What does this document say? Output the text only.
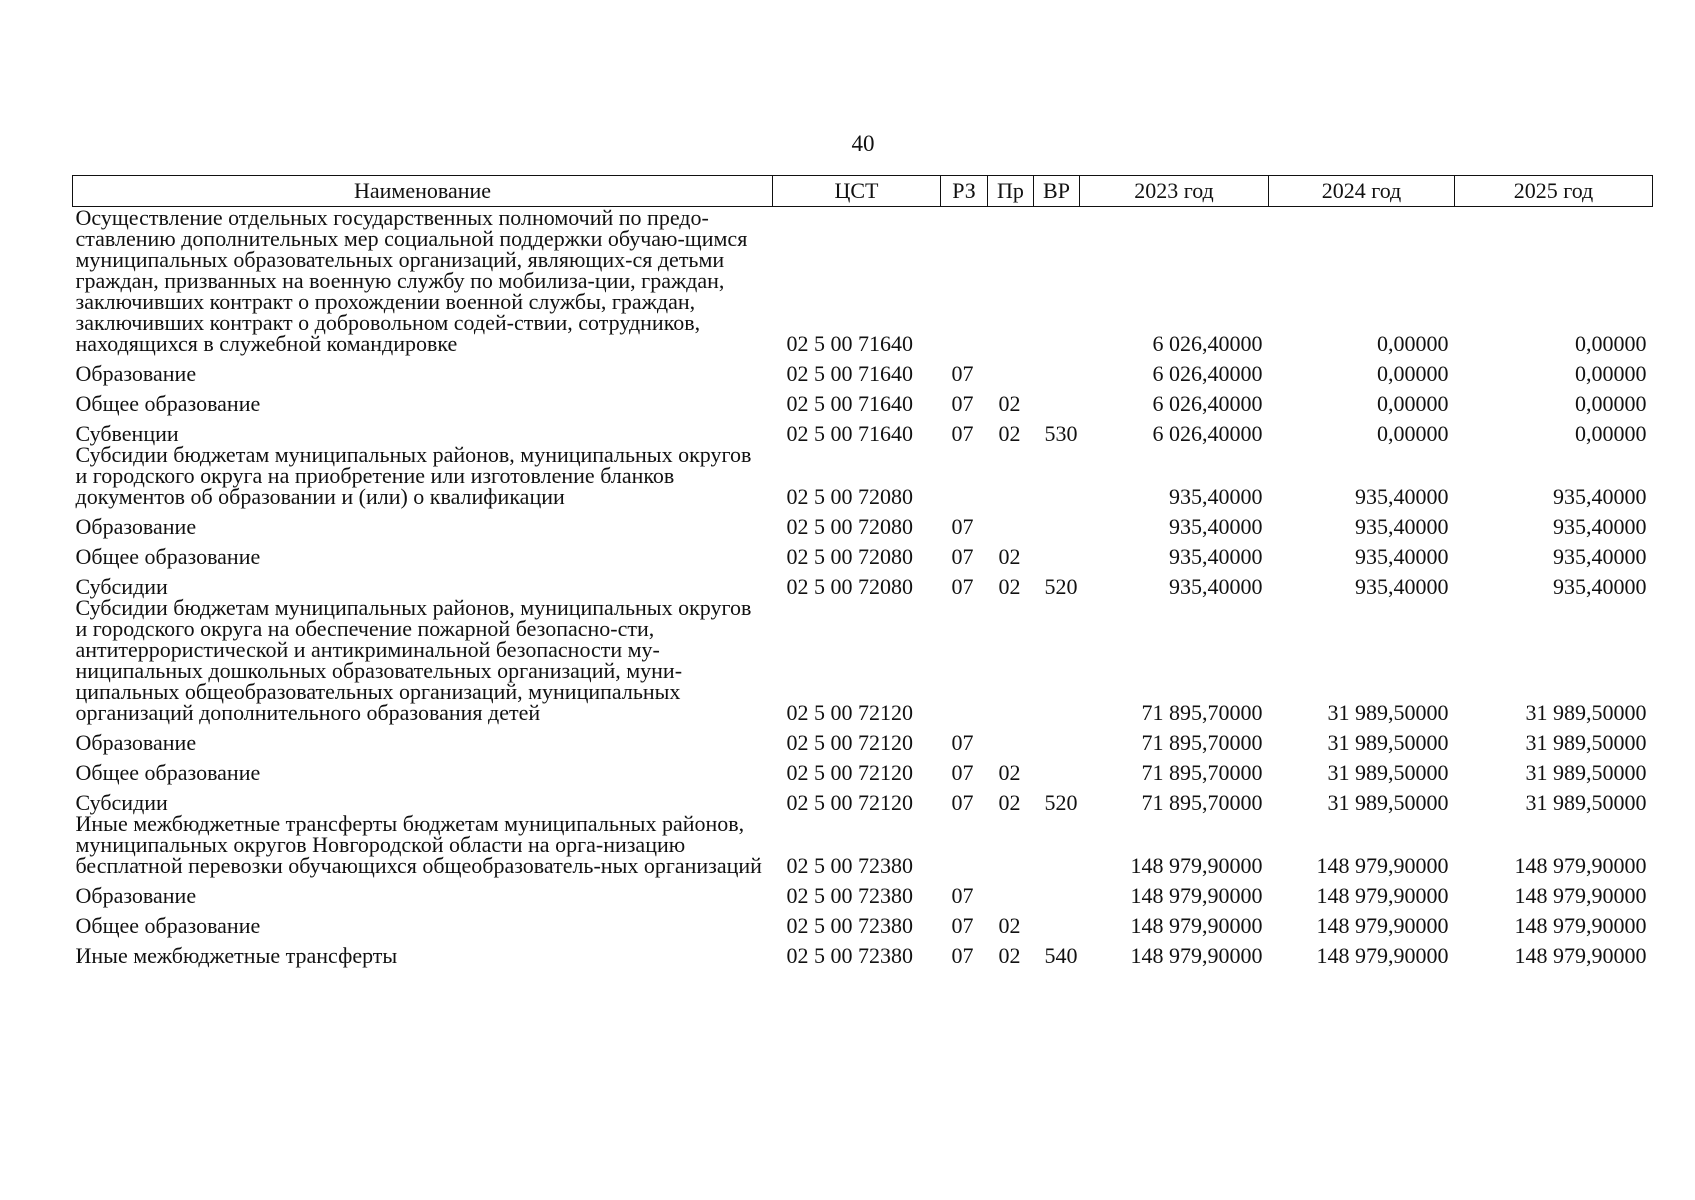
40
Наименование	ЦСТ	РЗ	Пр	ВР	2023 год	2024 год	2025 год
Осуществление отдельных государственных полномочий по предо-ставлению дополнительных мер социальной поддержки обучаю-щимся муниципальных образовательных организаций, являющих-ся детьми граждан, призванных на военную службу по мобилиза-ции, граждан, заключивших контракт о прохождении военной службы, граждан, заключивших контракт о добровольном содей-ствии, сотрудников, находящихся в служебной командировке	02 5 00 71640				6 026,40000	0,00000	0,00000
Образование	02 5 00 71640	07			6 026,40000	0,00000	0,00000
Общее образование	02 5 00 71640	07	02		6 026,40000	0,00000	0,00000
Субвенции	02 5 00 71640	07	02	530	6 026,40000	0,00000	0,00000
Субсидии бюджетам муниципальных районов, муниципальных округов и городского округа на приобретение или изготовление бланков документов об образовании и (или) о квалификации	02 5 00 72080				935,40000	935,40000	935,40000
Образование	02 5 00 72080	07			935,40000	935,40000	935,40000
Общее образование	02 5 00 72080	07	02		935,40000	935,40000	935,40000
Субсидии	02 5 00 72080	07	02	520	935,40000	935,40000	935,40000
Субсидии бюджетам муниципальных районов, муниципальных округов и городского округа на обеспечение пожарной безопасно-сти, антитеррористической и антикриминальной безопасности му-ниципальных дошкольных образовательных организаций, муни-ципальных общеобразовательных организаций, муниципальных организаций дополнительного образования детей	02 5 00 72120				71 895,70000	31 989,50000	31 989,50000
Образование	02 5 00 72120	07			71 895,70000	31 989,50000	31 989,50000
Общее образование	02 5 00 72120	07	02		71 895,70000	31 989,50000	31 989,50000
Субсидии	02 5 00 72120	07	02	520	71 895,70000	31 989,50000	31 989,50000
Иные межбюджетные трансферты бюджетам муниципальных районов, муниципальных округов Новгородской области на орга-низацию бесплатной перевозки обучающихся общеобразователь-ных организаций	02 5 00 72380				148 979,90000	148 979,90000	148 979,90000
Образование	02 5 00 72380	07			148 979,90000	148 979,90000	148 979,90000
Общее образование	02 5 00 72380	07	02		148 979,90000	148 979,90000	148 979,90000
Иные межбюджетные трансферты	02 5 00 72380	07	02	540	148 979,90000	148 979,90000	148 979,90000
